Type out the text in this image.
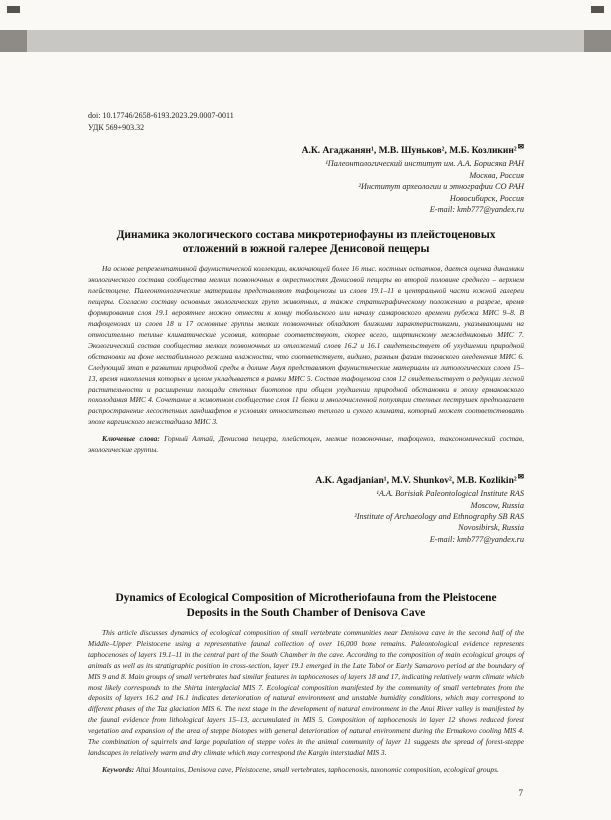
doi: 10.17746/2658-6193.2023.29.0007-0011
УДК 569+903.32
А.К. Агаджанян¹, М.В. Шуньков², М.Б. Козликин²✉
¹Палеонтологический институт им. А.А. Борисяка РАН
Москва, Россия
²Институт археологии и этнографии СО РАН
Новосибирск, Россия
E-mail: kmb777@yandex.ru
Динамика экологического состава микротериофауны из плейстоценовых отложений в южной галерее Денисовой пещеры

На основе репрезентативной фаунистической коллекции, включающей более 16 тыс. костных остатков, дается оценка динамики экологического состава сообщества мелких позвоночных в окрестностях Денисовой пещеры во второй половине среднего – верхнем плейстоцене. Палеонтологические материалы представляют тафоценозы из слоев 19.1–11 в центральной части южной галереи пещеры. Согласно составу основных экологических групп животных, а также стратиграфическому положению в разрезе, время формирования слоя 19.1 вероятнее можно отнести к концу тобольского или началу самаровского времени рубежа МИС 9–8. В тафоценозах из слоев 18 и 17 основные группы мелких позвоночных обладают близкими характеристиками, указывающими на относительно теплые климатические условия, которые соответствуют, скорее всего, ширтинскому межледниковью МИС 7. Экологический состав сообщества мелких позвоночных из отложений слоев 16.2 и 16.1 свидетельствует об ухудшении природной обстановки на фоне нестабильного режима влажности, что соответствует, видимо, разным фазам тазовского оледенения МИС 6. Следующий этап в развитии природной среды в долине Ануя представляют фаунистические материалы из литологических слоев 15–13, время накопления которых в целом укладывается в рамки МИС 5. Состав тафоценоза слоя 12 свидетельствует о редукции лесной растительности и расширении площади степных биотопов при общем ухудшении природной обстановки в эпоху ермаковского похолодания МИС 4. Сочетание в животном сообществе слоя 11 белки и многочисленной популяции степных пеструшек предполагает распространение лесостепных ландшафтов в условиях относительно теплого и сухого климата, который может соответствовать эпохе каргинского межстадиала МИС 3.

Ключевые слова: Горный Алтай, Денисова пещера, плейстоцен, мелкие позвоночные, тафоценоз, таксономический состав, экологические группы.

A.K. Agadjanian¹, M.V. Shunkov², M.B. Kozlikin²✉
¹A.A. Borisiak Paleontological Institute RAS
Moscow, Russia
²Institute of Archaeology and Ethnography SB RAS
Novosibirsk, Russia
E-mail: kmb777@yandex.ru
Dynamics of Ecological Composition of Microtheriofauna from the Pleistocene Deposits in the South Chamber of Denisova Cave

This article discusses dynamics of ecological composition of small vertebrate communities near Denisova cave in the second half of the Middle–Upper Pleistocene using a representative faunal collection of over 16,000 bone remains. Paleontological evidence represents taphocenoses of layers 19.1–11 in the central part of the South Chamber in the cave. According to the composition of main ecological groups of animals as well as its stratigraphic position in cross-section, layer 19.1 emerged in the Late Tobol or Early Samarovo period at the boundary of MIS 9 and 8. Main groups of small vertebrates had similar features in taphocenoses of layers 18 and 17, indicating relatively warm climate which most likely corresponds to the Shirta interglacial MIS 7. Ecological composition manifested by the community of small vertebrates from the deposits of layers 16.2 and 16.1 indicates deterioration of natural environment and unstable humidity conditions, which may correspond to different phases of the Taz glaciation MIS 6. The next stage in the development of natural environment in the Anui River valley is manifested by the faunal evidence from lithological layers 15–13, accumulated in MIS 5. Composition of taphocenosis in layer 12 shows reduced forest vegetation and expansion of the area of steppe biotopes with general deterioration of natural environment during the Ermakovo cooling MIS 4. The combination of squirrels and large population of steppe voles in the animal community of layer 11 suggests the spread of forest-steppe landscapes in relatively warm and dry climate which may correspond the Kargin interstadial MIS 3.

Keywords: Altai Mountains, Denisova cave, Pleistocene, small vertebrates, taphocenosis, taxonomic composition, ecological groups.

7
